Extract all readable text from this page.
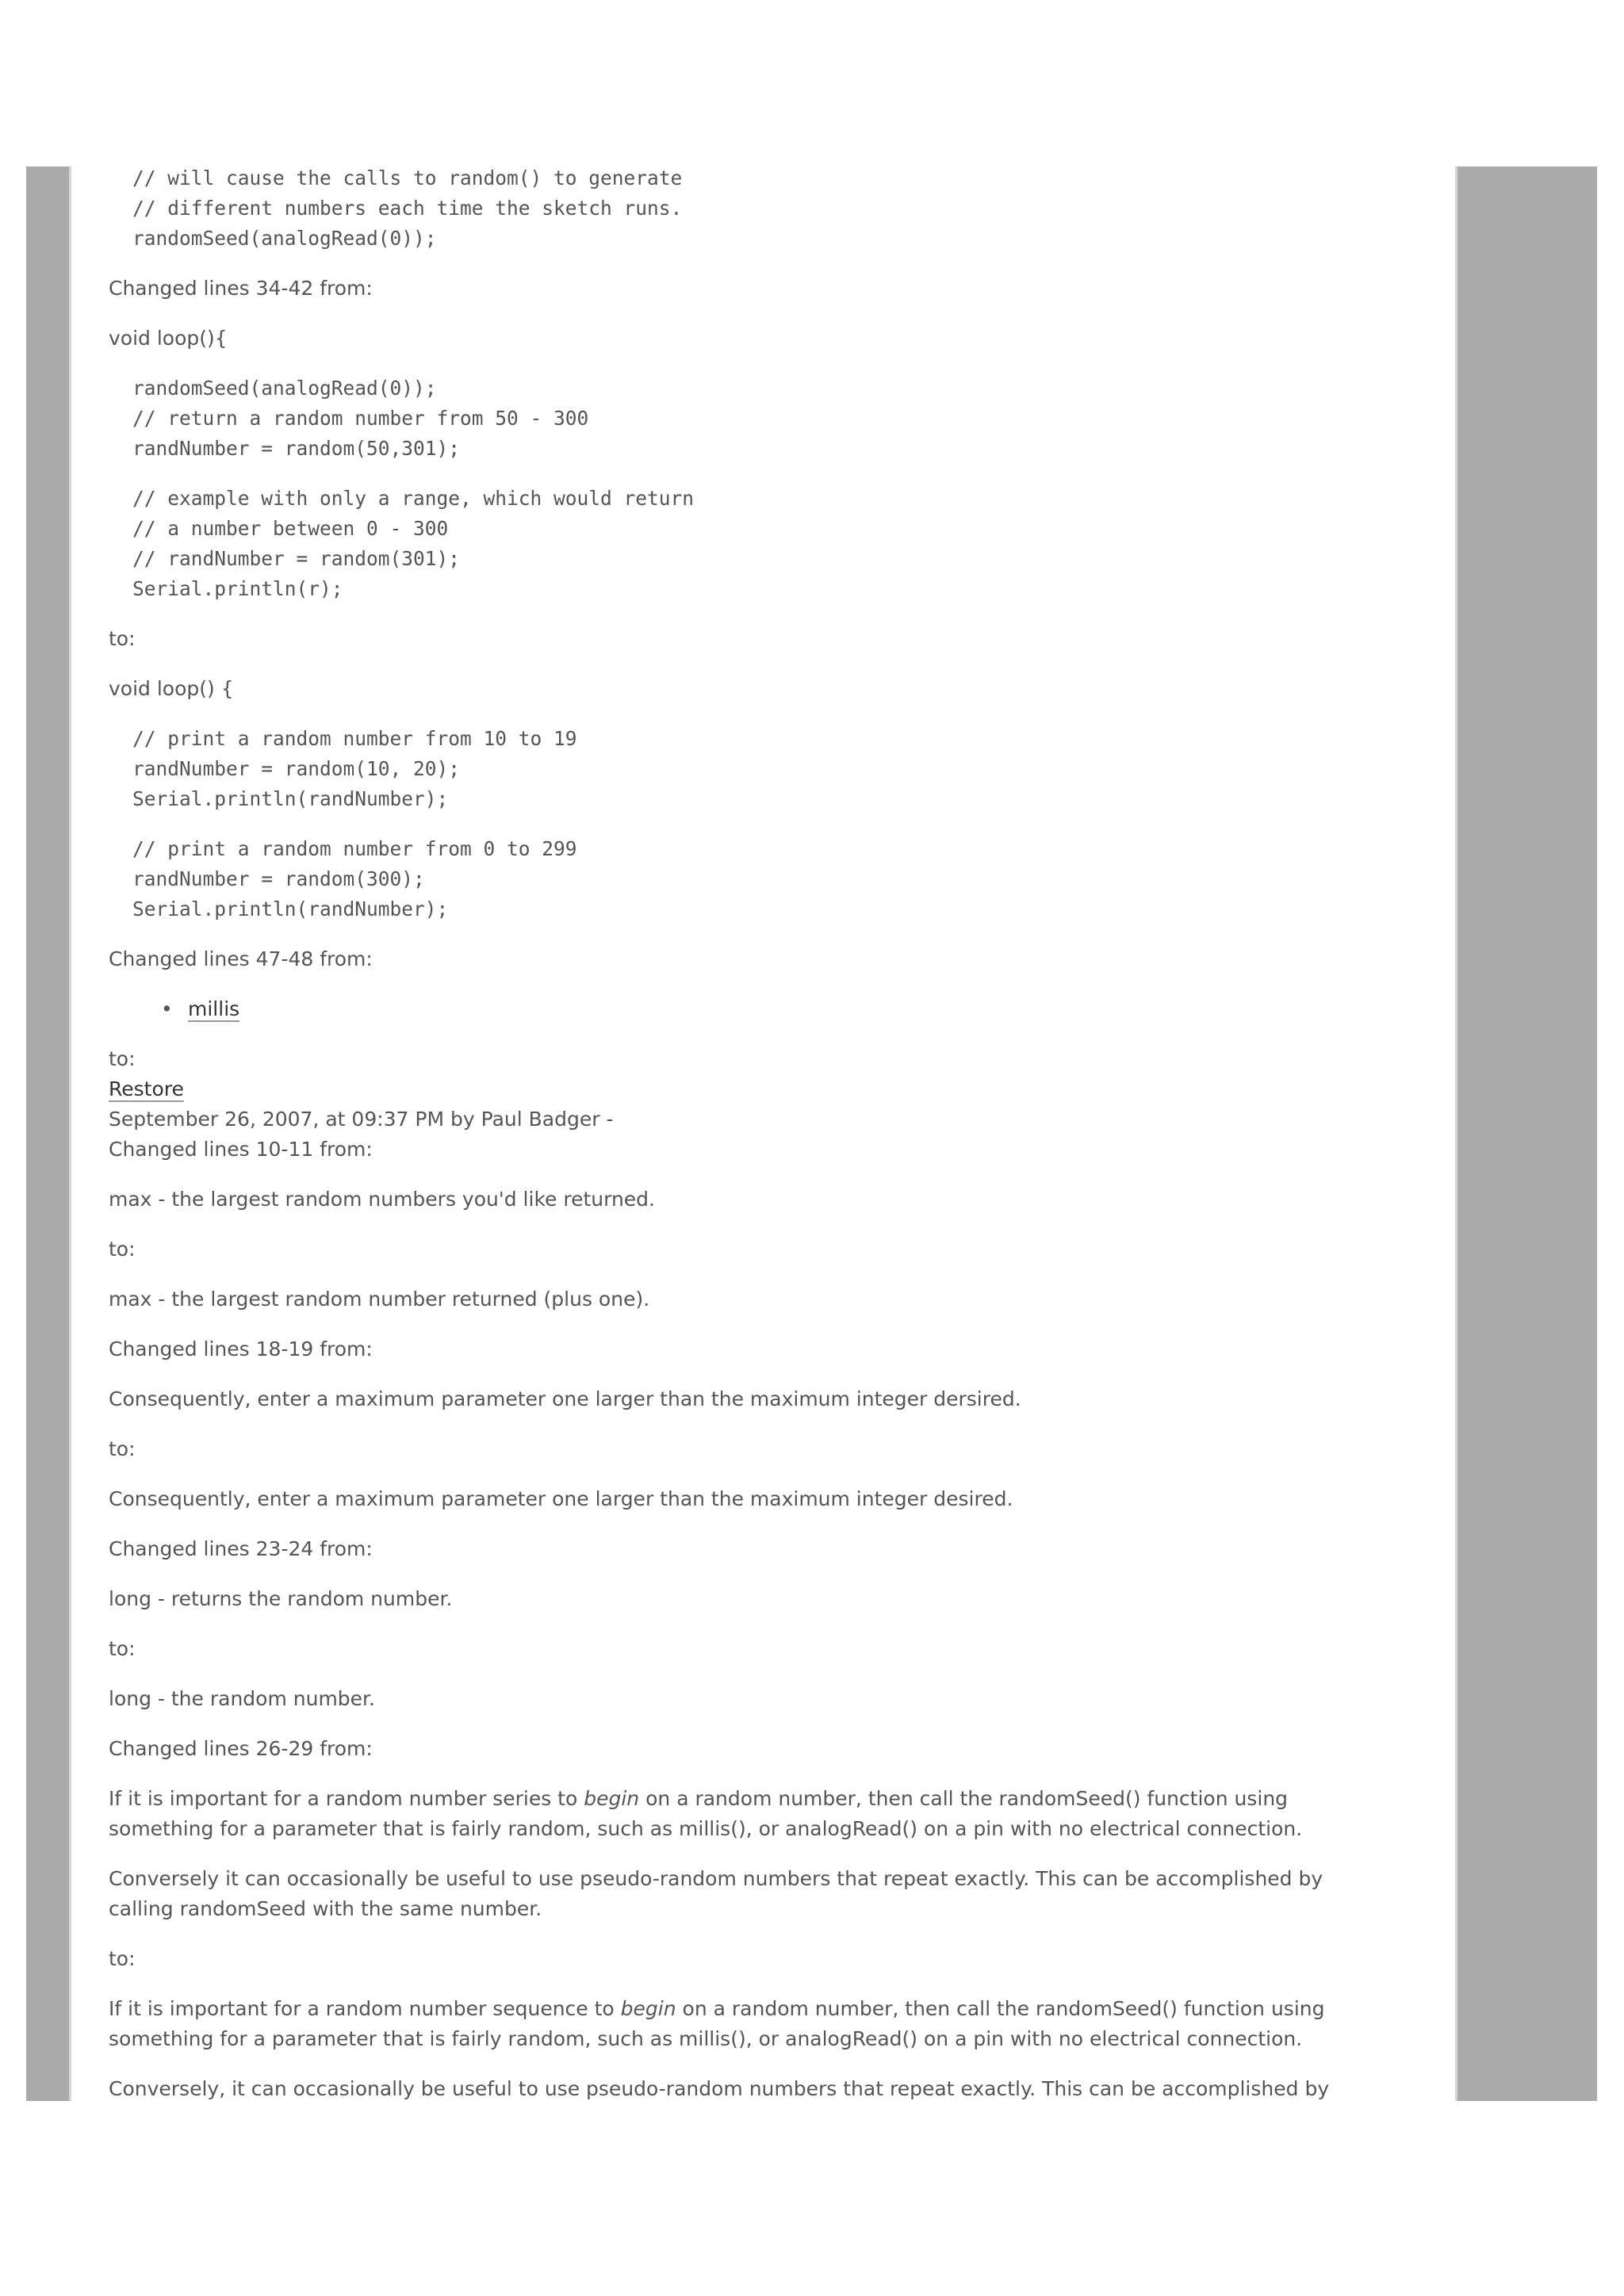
// will cause the calls to random() to generate
// different numbers each time the sketch runs.
randomSeed(analogRead(0));

Changed lines 34-42 from:

void loop(){

randomSeed(analogRead(0));
// return a random number from 50 - 300
randNumber = random(50,301);
// example with only a range, which would return
// a number between 0 - 300
// randNumber = random(301);
Serial.println(r);

to:

void loop() {

// print a random number from 10 to 19
randNumber = random(10, 20);
Serial.println(randNumber);
// print a random number from 0 to 299
randNumber = random(300);
Serial.println(randNumber);

Changed lines 47-48 from:

• millis

to:

Restore

September 26, 2007, at 09:37 PM by Paul Badger -

Changed lines 10-11 from:

max - the largest random numbers you'd like returned.

to:

max - the largest random number returned (plus one).

Changed lines 18-19 from:

Consequently, enter a maximum parameter one larger than the maximum integer dersired.

to:

Consequently, enter a maximum parameter one larger than the maximum integer desired.

Changed lines 23-24 from:

long - returns the random number.

to:

long - the random number.

Changed lines 26-29 from:

If it is important for a random number series to begin on a random number, then call the randomSeed() function using something for a parameter that is fairly random, such as millis(), or analogRead() on a pin with no electrical connection.

Conversely it can occasionally be useful to use pseudo-random numbers that repeat exactly. This can be accomplished by calling randomSeed with the same number.

to:

If it is important for a random number sequence to begin on a random number, then call the randomSeed() function using something for a parameter that is fairly random, such as millis(), or analogRead() on a pin with no electrical connection.

Conversely, it can occasionally be useful to use pseudo-random numbers that repeat exactly. This can be accomplished by
